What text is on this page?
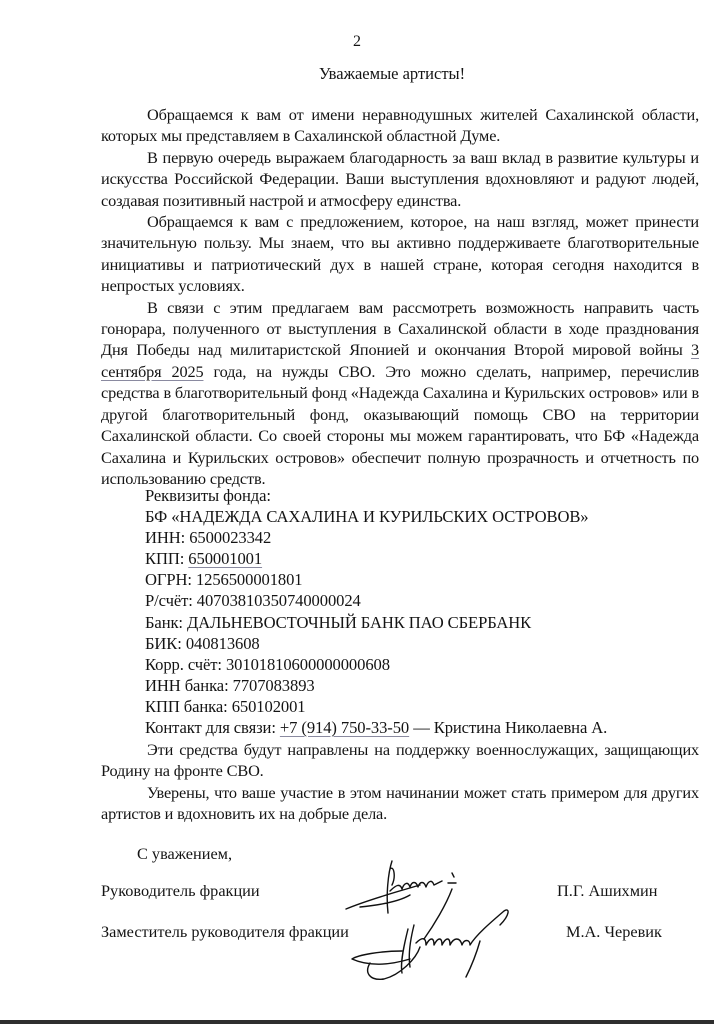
2
Уважаемые артисты!

Обращаемся к вам от имени неравнодушных жителей Сахалинской области, которых мы представляем в Сахалинской областной Думе.

В первую очередь выражаем благодарность за ваш вклад в развитие культуры и искусства Российской Федерации. Ваши выступления вдохновляют и радуют людей, создавая позитивный настрой и атмосферу единства.

Обращаемся к вам с предложением, которое, на наш взгляд, может принести значительную пользу. Мы знаем, что вы активно поддерживаете благотворительные инициативы и патриотический дух в нашей стране, которая сегодня находится в непростых условиях.

В связи с этим предлагаем вам рассмотреть возможность направить часть гонорара, полученного от выступления в Сахалинской области в ходе празднования Дня Победы над милитаристской Японией и окончания Второй мировой войны 3 сентября 2025 года, на нужды СВО. Это можно сделать, например, перечислив средства в благотворительный фонд «Надежда Сахалина и Курильских островов» или в другой благотворительный фонд, оказывающий помощь СВО на территории Сахалинской области. Со своей стороны мы можем гарантировать, что БФ «Надежда Сахалина и Курильских островов» обеспечит полную прозрачность и отчетность по использованию средств.

Реквизиты фонда:
БФ «НАДЕЖДА САХАЛИНА И КУРИЛЬСКИХ ОСТРОВОВ»
ИНН: 6500023342
КПП: 650001001
ОГРН: 1256500001801
Р/счёт: 40703810350740000024
Банк: ДАЛЬНЕВОСТОЧНЫЙ БАНК ПАО СБЕРБАНК
БИК: 040813608
Корр. счёт: 30101810600000000608
ИНН банка: 7707083893
КПП банка: 650102001
Контакт для связи: +7 (914) 750-33-50 — Кристина Николаевна А.

Эти средства будут направлены на поддержку военнослужащих, защищающих Родину на фронте СВО.

Уверены, что ваше участие в этом начинании может стать примером для других артистов и вдохновить их на добрые дела.

С уважением,
Руководитель фракции	П.Г. Ашихмин
Заместитель руководителя фракции	М.А. Черевик
